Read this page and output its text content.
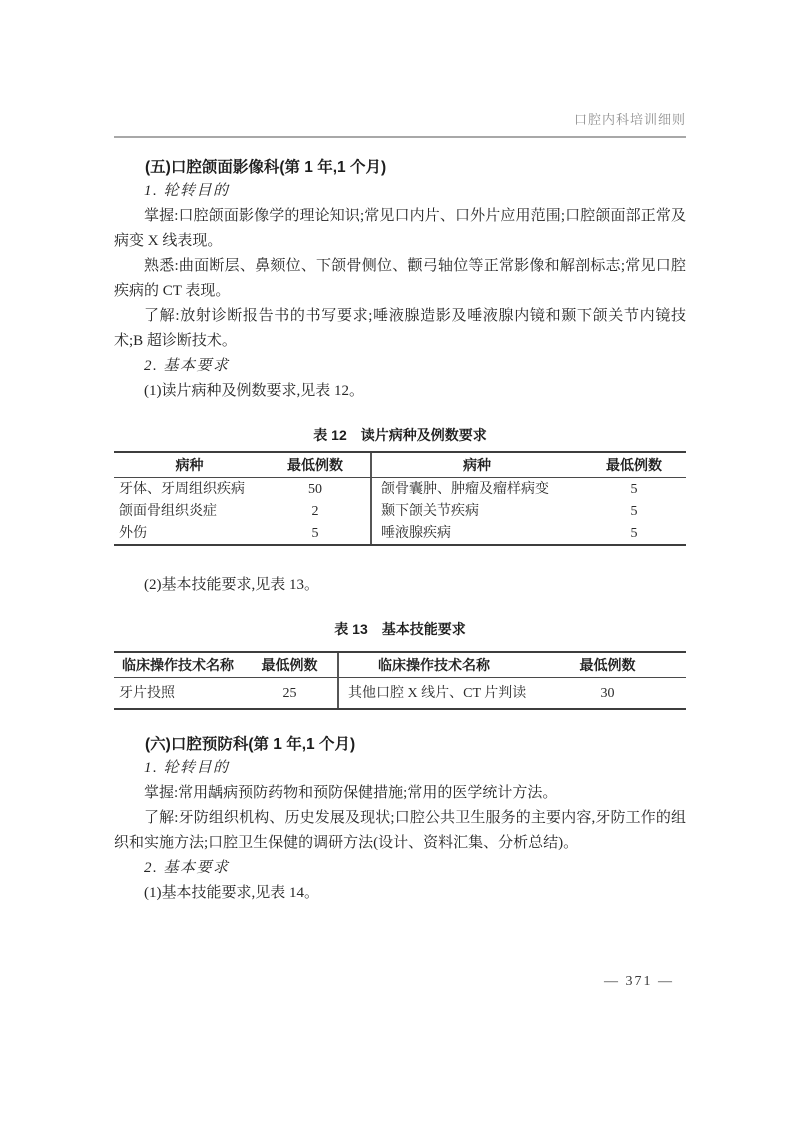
口腔内科培训细则
(五)口腔颌面影像科(第 1 年,1 个月)

1. 轮转目的

掌握:口腔颌面影像学的理论知识;常见口内片、口外片应用范围;口腔颌面部正常及病变 X 线表现。

熟悉:曲面断层、鼻颏位、下颌骨侧位、颧弓轴位等正常影像和解剖标志;常见口腔疾病的 CT 表现。

了解:放射诊断报告书的书写要求;唾液腺造影及唾液腺内镜和颞下颌关节内镜技术;B 超诊断技术。

2. 基本要求

(1)读片病种及例数要求,见表 12。

表 12　读片病种及例数要求
病种	最低例数	病种	最低例数
牙体、牙周组织疾病	50	颌骨囊肿、肿瘤及瘤样病变	5
颌面骨组织炎症	2	颞下颌关节疾病	5
外伤	5	唾液腺疾病	5

(2)基本技能要求,见表 13。

表 13　基本技能要求
临床操作技术名称	最低例数	临床操作技术名称	最低例数
牙片投照	25	其他口腔 X 线片、CT 片判读	30
(六)口腔预防科(第 1 年,1 个月)

1. 轮转目的

掌握:常用龋病预防药物和预防保健措施;常用的医学统计方法。

了解:牙防组织机构、历史发展及现状;口腔公共卫生服务的主要内容,牙防工作的组织和实施方法;口腔卫生保健的调研方法(设计、资料汇集、分析总结)。

2. 基本要求

(1)基本技能要求,见表 14。

— 371 —
